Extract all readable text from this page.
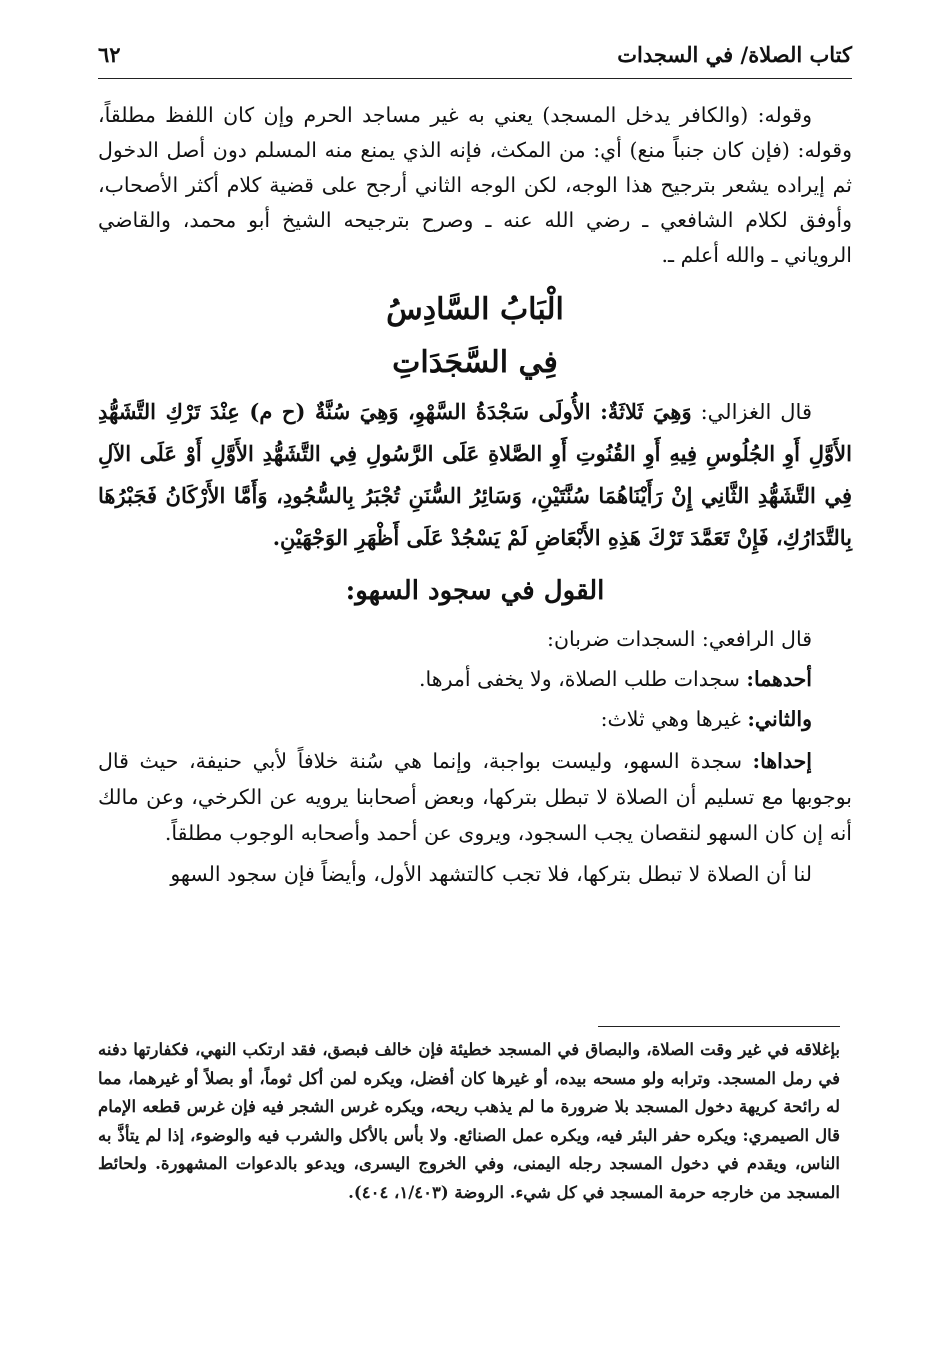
كتاب الصلاة/ في السجدات
٦٢

وقوله: (والكافر يدخل المسجد) يعني به غير مساجد الحرم وإن كان اللفظ مطلقاً، وقوله: (فإن كان جنباً منع) أي: من المكث، فإنه الذي يمنع منه المسلم دون أصل الدخول ثم إيراده يشعر بترجيح هذا الوجه، لكن الوجه الثاني أرجح على قضية كلام أكثر الأصحاب، وأوفق لكلام الشافعي ـ رضي الله عنه ـ وصرح بترجيحه الشيخ أبو محمد، والقاضي الروياني ـ والله أعلم ـ.

الْبَابُ السَّادِسُ
فِي السَّجَدَاتِ

قال الغزالي: وَهِيَ ثَلاثَةٌ: الأُولَى سَجْدَةُ السَّهْوِ، وَهِيَ سُنَّةٌ (ح م) عِنْدَ تَرْكِ التَّشَهُّدِ الأَوَّلِ أَوِ الجُلُوسِ فِيهِ أَوِ القُنُوتِ أَوِ الصَّلاةِ عَلَى الرَّسُولِ فِي التَّشَهُّدِ الأَوَّلِ أَوْ عَلَى الآلِ فِي التَّشَهُّدِ الثَّانِي إِنْ رَأَيْنَاهُمَا سُنَّتَيْنِ، وَسَائِرُ السُّنَنِ تُجْبَرُ بِالسُّجُودِ، وَأَمَّا الأَرْكَانُ فَجَبْرُهَا بِالتَّدَارُكِ، فَإِنْ تَعَمَّدَ تَرْكَ هَذِهِ الأَبْعَاضِ لَمْ يَسْجُدْ عَلَى أَظْهَرِ الوَجْهَيْنِ.

القول في سجود السهو:

قال الرافعي: السجدات ضربان:

أحدهما: سجدات طلب الصلاة، ولا يخفى أمرها.

والثاني: غيرها وهي ثلاث:

إحداها: سجدة السهو، وليست بواجبة، وإنما هي سُنة خلافاً لأبي حنيفة، حيث قال بوجوبها مع تسليم أن الصلاة لا تبطل بتركها، وبعض أصحابنا يرويه عن الكرخي، وعن مالك أنه إن كان السهو لنقصان يجب السجود، ويروى عن أحمد وأصحابه الوجوب مطلقاً.

لنا أن الصلاة لا تبطل بتركها، فلا تجب كالتشهد الأول، وأيضاً فإن سجود السهو

بإغلاقه في غير وقت الصلاة، والبصاق في المسجد خطيئة فإن خالف فبصق، فقد ارتكب النهي، فكفارتها دفنه في رمل المسجد. وترابه ولو مسحه بيده، أو غيرها كان أفضل، ويكره لمن أكل ثوماً، أو بصلاً أو غيرهما، مما له رائحة كريهة دخول المسجد بلا ضرورة ما لم يذهب ريحه، ويكره غرس الشجر فيه فإن غرس قطعه الإمام قال الصيمري: ويكره حفر البئر فيه، ويكره عمل الصنائع. ولا بأس بالأكل والشرب فيه والوضوء، إذا لم يتأذَّ به الناس، ويقدم في دخول المسجد رجله اليمنى، وفي الخروج اليسرى، ويدعو بالدعوات المشهورة. ولحائط المسجد من خارجه حرمة المسجد في كل شيء. الروضة (١/٤٠٣، ٤٠٤).
